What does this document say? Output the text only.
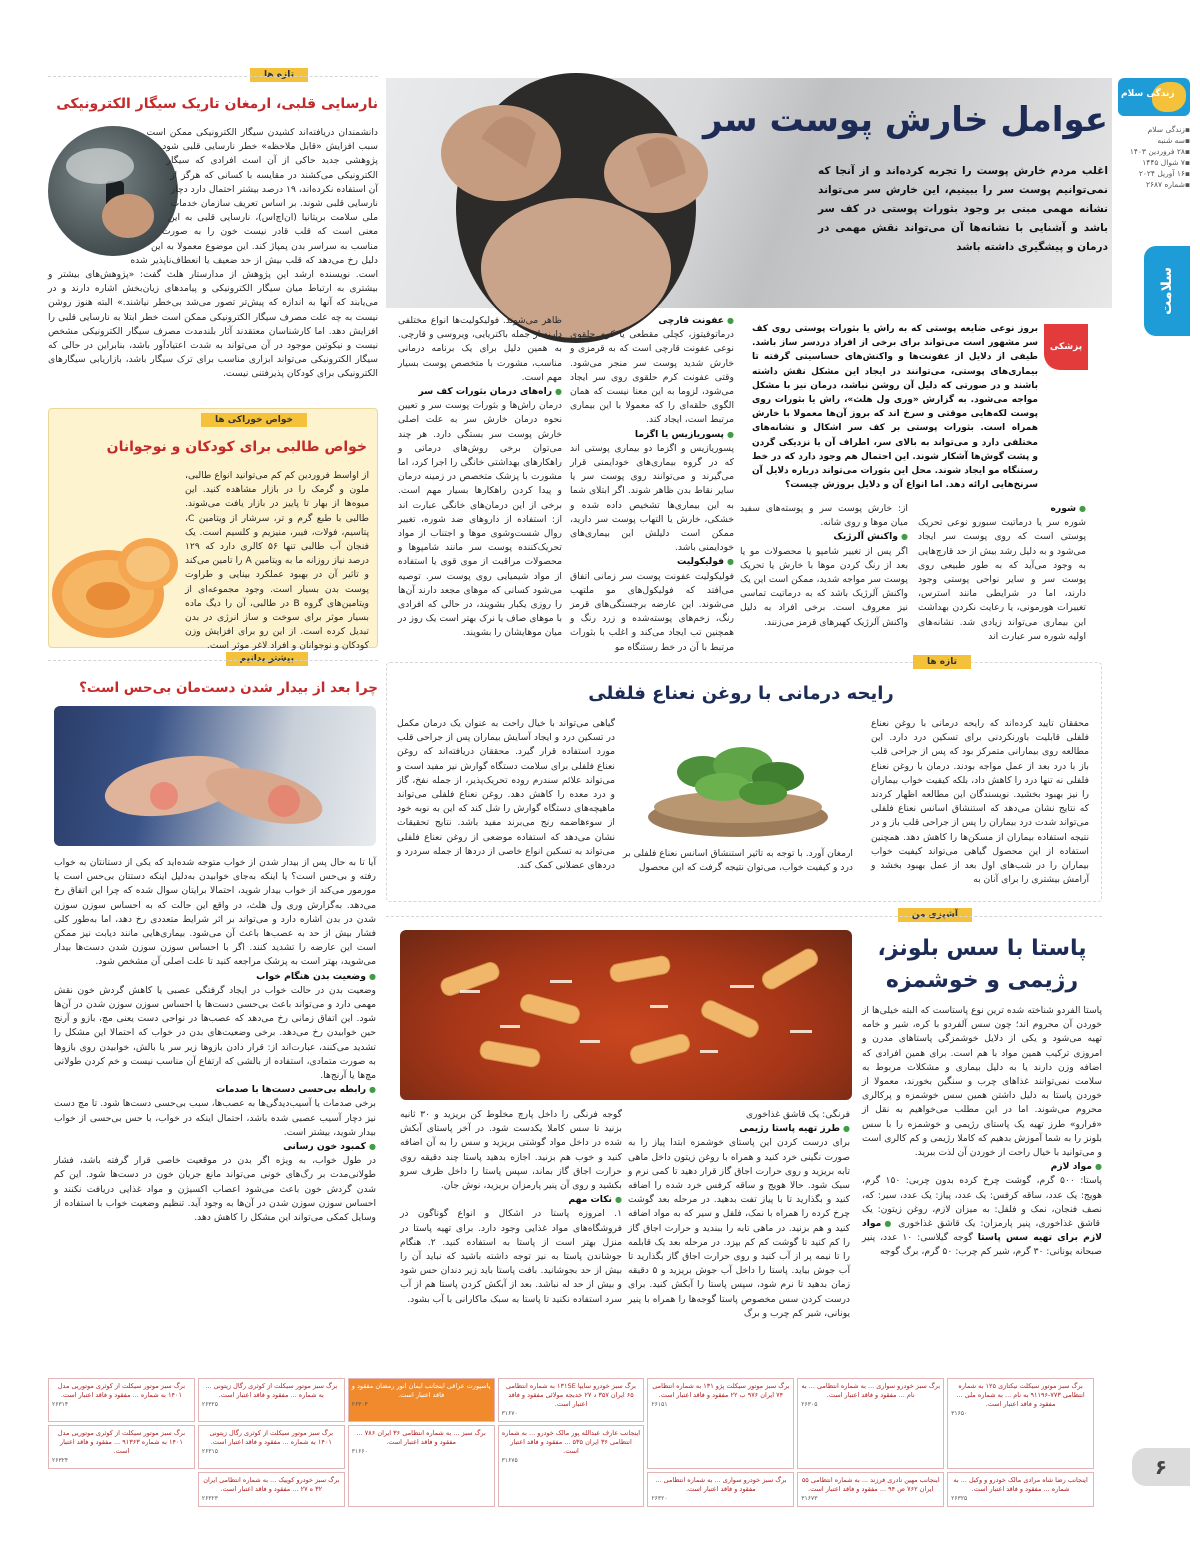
زندگی سلام
▪زندگی سلام
▪سه شنبه
▪۲۸ فروردین ۱۴۰۳
▪۷ شوال ۱۴۴۵
▪۱۶ آوریل ۲۰۲۴
▪شماره ۲۶۸۷
سلامت
۶
عوامل خارش پوست سر
اغلب مردم خارش پوست را تجربه کرده‌اند و از آنجا که نمی‌توانیم پوست سر را ببینیم، این خارش سر می‌تواند نشانه مهمی مبنی بر وجود بثورات پوستی در کف سر باشد و آشنایی با نشانه‌ها آن می‌تواند نقش مهمی در درمان و پیشگیری داشته باشد
پزشکی
بروز نوعی ضایعه پوستی که به راش یا بثورات پوستی روی کف سر مشهور است می‌تواند برای برخی از افراد دردسر ساز باشد. طیفی از دلایل از عفونت‌ها و واکنش‌های حساسیتی گرفته تا بیماری‌های پوستی، می‌توانند در ایجاد این مشکل نقش داشته باشند و در صورتی که دلیل آن روشن نباشد، درمان نیز با مشکل مواجه می‌شود. به گزارش «وری ول هلث»، راش یا بثورات روی پوست لکه‌هایی موقتی و سرخ اند که بروز آن‌ها معمولا با خارش همراه است. بثورات پوستی بر کف سر اشکال و نشانه‌های مختلفی دارد و می‌تواند به بالای سر، اطراف آن یا نزدیکی گردن و پشت گوش‌ها آشکار شوند. این احتمال هم وجود دارد که در خط رستنگاه مو ایجاد شوند. محل این بثورات می‌تواند درباره دلایل آن سرنخ‌هایی ارائه دهد. اما انواع آن و دلایل بروزش چیست؟
● شوره
شوره سر یا درماتیت سبورو نوعی تحریک پوستی است که روی پوست سر ایجاد می‌شود و به دلیل رشد بیش از حد قارچ‌هایی به وجود می‌آید که به طور طبیعی روی پوست سر و سایر نواحی پوستی وجود دارند، اما در شرایطی مانند استرس، تغییرات هورمونی، یا رعایت نکردن بهداشت این بیماری می‌تواند زیادی شد. نشانه‌های اولیه شوره سر عبارت اند
از: خارش پوست سر و پوسته‌های سفید میان موها و روی شانه.
● واکنش آلرژیک
اگر پس از تغییر شامپو یا محصولات مو یا بعد از رنگ کردن موها با خارش یا تحریک پوست سر مواجه شدید، ممکن است این یک واکنش آلرژیک باشد که به درماتیت تماسی نیز معروف است. برخی افراد به دلیل واکنش آلرژیک کهیرهای قرمز می‌زنند.
● عفونت قارچی
درماتوفیتوز، کچلی مقطعی یا کرم حلقوی نوعی عفونت قارچی است که به قرمزی و خارش شدید پوست سر منجر می‌شود. وقتی عفونت کرم حلقوی روی سر ایجاد می‌شود، لزوما به این معنا نیست که همان الگوی حلقه‌ای را که معمولا با این بیماری مرتبط است، ایجاد کند.
● پسوریازیس یا اگزما
پسوریازیس و اگزما دو بیماری پوستی اند که در گروه بیماری‌های خودایمنی قرار می‌گیرند و می‌توانند روی پوست سر یا سایر نقاط بدن ظاهر شوند. اگر ابتلای شما به این بیماری‌ها تشخیص داده شده و خشکی، خارش یا التهاب پوست سر دارید، ممکن است دلیلش این بیماری‌های خودایمنی باشد.
● فولیکولیت
فولیکولیت عفونت پوست سر زمانی اتفاق می‌افتد که فولیکول‌های مو ملتهب می‌شوند. این عارضه برجستگی‌های قرمز رنگ، زخم‌های پوسته‌شده و زرد رنگ و همچنین تب ایجاد می‌کند و اغلب با بثورات مرتبط با آن در خط رستنگاه مو
ظاهر می‌شوند. فولیکولیت‌ها انواع مختلفی دارند از جمله باکتریایی، ویروسی و قارچی. به همین دلیل برای یک برنامه درمانی مناسب، مشورت با متخصص پوست بسیار مهم است.
● راه‌های درمان بثورات کف سر
درمان راش‌ها و بثورات پوست سر و تعیین نحوه درمان خارش سر به علت اصلی خارش پوست سر بستگی دارد. هر چند می‌توان برخی روش‌های درمانی و راهکارهای بهداشتی خانگی را اجرا کرد، اما مشورت با پزشک متخصص در زمینه درمان و پیدا کردن راهکارها بسیار مهم است. برخی از این درمان‌های خانگی عبارت اند از: استفاده از داروهای ضد شوره، تغییر روال شست‌وشوی موها و اجتناب از مواد تحریک‌کننده پوست سر مانند شامپوها و محصولات مراقبت از موی قوی یا استفاده از مواد شیمیایی روی پوست سر. توصیه می‌شود کسانی که موهای مجعد دارند آن‌ها را روزی یکبار بشویند، در حالی که افرادی با موهای صاف یا نرک بهتر است یک روز در میان موهایشان را بشویند.
تازه ها
نارسایی قلبی، ارمغان تاریک سیگار الکترونیکی
دانشمندان دریافته‌اند کشیدن سیگار الکترونیکی ممکن است سبب افزایش «قابل ملاحظه» خطر نارسایی قلبی شود. پژوهشی جدید حاکی از آن است افرادی که سیگار الکترونیکی می‌کشند در مقایسه با کسانی که هرگز از آن استفاده نکرده‌اند، ۱۹ درصد بیشتر احتمال دارد دچار نارسایی قلبی شوند. بر اساس تعریف سازمان خدمات ملی سلامت بریتانیا (ان‌اچ‌اس)، نارسایی قلبی به این معنی است که قلب قادر نیست خون را به صورت مناسب به سراسر بدن پمپاژ کند. این موضوع معمولا به این دلیل رخ می‌دهد که قلب بیش از حد ضعیف یا انعطاف‌ناپذیر شده است. نویسنده ارشد این پژوهش از مدارستار هلث گفت: «پژوهش‌های بیشتر و بیشتری به ارتباط میان سیگار الکترونیکی و پیامدهای زیان‌بخش اشاره دارند و در می‌یابند که آنها به اندازه که پیش‌تر تصور می‌شد بی‌خطر نیاشند.» البته هنوز روشن نیست به چه علت مصرف سیگار الکترونیکی ممکن است خطر ابتلا به نارسایی قلبی را افزایش دهد. اما کارشناسان معتقدند آثار بلندمدت مصرف سیگار الکترونیکی مشخص نیست و نیکوتین موجود در آن می‌تواند به شدت اعتیادآور باشد، بنابراین در حالی که سیگار الکترونیکی می‌تواند ابزاری مناسب برای ترک سیگار باشد، بازاریابی سیگارهای الکترونیکی برای کودکان پذیرفتنی نیست.
خواص خوراکی ها
خواص طالبی برای کودکان و نوجوانان
از اواسط فروردین کم کم می‌توانید انواع طالبی، ملون و گرمک را در بازار مشاهده کنید. این میوه‌ها از بهار تا پاییز در بازار یافت می‌شوند. طالبی با طبع گرم و تر، سرشار از ویتامین C، پتاسیم، فولات، فیبر، منیزیم و کلسیم است. یک فنجان آب طالبی تنها ۵۶ کالری دارد که ۱۲۹ درصد نیاز روزانه ما به ویتامین A را تامین می‌کند و تاثیر آن در بهبود عملکرد بینایی و طراوت پوست بدن بسیار است. وجود مجموعه‌ای از ویتامین‌های گروه B در طالبی، آن را دیگ ماده بسیار موثر برای سوخت و ساز انرژی در بدن تبدیل کرده است. از این رو برای افزایش وزن کودکان و نوجوانان و افراد لاغر موثر است.
بیشتر بدانیم
چرا بعد از بیدار شدن دست‌مان بی‌حس است؟
آیا تا به حال پس از بیدار شدن از خواب متوجه شده‌اید که یکی از دستانتان به خواب رفته و بی‌حس است؟ یا اینکه به‌جای خوابیدن به‌دلیل اینکه دستتان بی‌حس است یا مورمور می‌کند از خواب بیدار شوید، احتمالا برایتان سوال شده که چرا این اتفاق رخ می‌دهد. به‌گزارش وری ول هلث، در واقع این حالت که به احساس سوزن سوزن شدن در بدن اشاره دارد و می‌تواند بر اثر شرایط متعددی رخ دهد، اما به‌طور کلی فشار بیش از حد به عصب‌ها باعث آن می‌شود. بیماری‌هایی مانند دیابت نیز ممکن است این عارضه را تشدید کنند. اگر با احساس سوزن سوزن شدن دست‌ها بیدار می‌شوید، بهتر است به پزشک مراجعه کنید تا علت اصلی آن مشخص شود.
● وضعیت بدن هنگام خواب
وضعیت بدن در حالت خواب در ایجاد گرفتگی عصبی یا کاهش گردش خون نقش مهمی دارد و می‌تواند باعث بی‌حسی دست‌ها یا احساس سوزن سوزن شدن در آن‌ها شود. این اتفاق زمانی رخ می‌دهد که عصب‌ها در نواحی دست یعنی مچ، بازو و آرنج حین خوابیدن رخ می‌دهد. برخی وضعیت‌های بدن در خواب که احتمالا این مشکل را تشدید می‌کنند، عبارت‌اند از: قرار دادن بازوها زیر سر یا بالش، خوابیدن روی بازوها به صورت متمادی، استفاده از بالشی که ارتفاع آن مناسب نیست و خم کردن طولانی مچ‌ها یا آرنج‌ها.
● رابطه بی‌حسی دست‌ها با صدمات
برخی صدمات یا آسیب‌دیدگی‌ها به عصب‌ها، سبب بی‌حسی دست‌ها شود. تا مچ دست نیز دچار آسیب عصبی شده باشد، احتمال اینکه در خواب، با حس بی‌حسی از خواب بیدار شوید، بیشتر است.
● کمبود خون رسانی
در طول خواب، به ویژه اگر بدن در موقعیت خاصی قرار گرفته باشد، فشار طولانی‌مدت بر رگ‌های خونی می‌تواند مانع جریان خون در دست‌ها شود. این کم شدن گردش خون باعث می‌شود اعصاب اکسیژن و مواد غذایی دریافت نکنند و احساس سوزن سوزن شدن در آن‌ها به وجود آید. تنظیم وضعیت خواب با استفاده از وسایل کمکی می‌تواند این مشکل را کاهش دهد.
تازه ها
رایحه درمانی با روغن نعناع فلفلی
محققان تایید کرده‌اند که رایحه درمانی با روغن نعناع فلفلی قابلیت باورنکردنی برای تسکین درد دارد. این مطالعه روی بیمارانی متمرکز بود که پس از جراحی قلب باز با درد بعد از عمل مواجه بودند. درمان با روغن نعناع فلفلی نه تنها درد را کاهش داد، بلکه کیفیت خواب بیماران را نیز بهبود بخشید. نویسندگان این مطالعه اظهار کردند که نتایج نشان می‌دهد که استنشاق اسانس نعناع فلفلی می‌تواند شدت درد بیماران را پس از جراحی قلب باز و در نتیجه استفاده بیماران از مسکن‌ها را کاهش دهد. همچنین استفاده از این محصول گیاهی می‌تواند کیفیت خواب بیماران را در شب‌های اول بعد از عمل بهبود بخشد و آرامش بیشتری را برای آنان به
ارمغان آورد. با توجه به تاثیر استنشاق اسانس نعناع فلفلی بر درد و کیفیت خواب، می‌توان نتیجه گرفت که این محصول
گیاهی می‌تواند با خیال راحت به عنوان یک درمان مکمل در تسکین درد و ایجاد آسایش بیماران پس از جراحی قلب مورد استفاده قرار گیرد. محققان دریافته‌اند که روغن نعناع فلفلی برای سلامت دستگاه گوارش نیز مفید است و می‌تواند علائم سندرم روده تحریک‌پذیر، از جمله نفخ، گاز و درد معده را کاهش دهد. روغن نعناع فلفلی می‌تواند ماهیچه‌های دستگاه گوارش را شل کند که این به نوبه خود از سوءهاضمه رنج می‌برند مفید باشد. نتایج تحقیقات نشان می‌دهد که استفاده موضعی از روغن نعناع فلفلی می‌تواند به تسکین انواع خاصی از دردها از جمله سردرد و دردهای عضلانی کمک کند.
آشپزی من
پاستا با سس بلونز،
رژیمی و خوشمزه
پاستا الفردو شناخته شده ترین نوع پاستاست که البته خیلی‌ها از خوردن آن محروم اند؛ چون سس آلفردو با کره، شیر و خامه تهیه می‌شود و یکی از دلایل خوشمزگی پاستاهای مدرن و امروزی ترکیب همین مواد با هم است. برای همین افرادی که اضافه وزن دارند یا به دلیل بیماری و مشکلات مربوط به سلامت نمی‌توانند غذاهای چرب و سنگین بخورند، معمولا از خوردن پاستا به دلیل داشتن همین سس خوشمزه و پرکالری محروم می‌شوند. اما در این مطلب می‌خواهیم به نقل از «فرارو» طرز تهیه یک پاستای رژیمی و خوشمزه را با سس بلونز را به شما آموزش بدهیم که کاملا رژیمی و کم کالری است و می‌توانید با خیال راحت از خوردن آن لذت ببرید.
● مواد لازم
پاستا: ۵۰۰ گرم، گوشت چرخ کرده بدون چربی: ۱۵۰ گرم، هویج: یک عدد، ساقه کرفس: یک عدد، پیاز: یک عدد، سیر: که، نصف فنجان، نمک و فلفل: به میزان لازم، روغن زیتون: یک قاشق غذاخوری، پنیر پارمزان: یک قاشق غذاخوری ● مواد لازم برای تهیه سس پاستا گوجه گیلاسی: ۱۰ عدد، پنیر صبحانه یونانی: ۳۰ گرم، شیر کم چرب: ۵۰ گرم، برگ گوجه
فرنگی: یک قاشق غذاخوری
● طرز تهیه پاستا رژیمی
برای درست کردن این پاستای خوشمزه ابتدا پیاز را به صورت نگینی خرد کنید و همراه با روغن زیتون داخل ماهی تابه بریزید و روی حرارت اجاق گاز قرار دهید تا کمی نرم و سبک شود. حالا هویج و ساقه کرفس خرد شده را اضافه کنید و بگذارید تا با پیاز تفت بدهید. در مرحله بعد گوشت چرخ کرده را همراه با نمک، فلفل و سیر که به مواد اضافه کنید و هم بزنید. در ماهی تابه را ببندید و حرارت اجاق گاز را کم کنید تا گوشت کم کم بپزد. در مرحله بعد یک قابلمه را تا نیمه پر از آب کنید و روی حرارت اجاق گاز بگذارید تا آب جوش بیاید. پاستا را داخل آب جوش بریزید و ۵ دقیقه زمان بدهید تا نرم شود، سپس پاستا را آبکش کنید. برای درست کردن سس مخصوص پاستا گوجه‌ها را همراه با پنیر یونانی، شیر کم چرب و برگ
گوجه فرنگی را داخل پارچ مخلوط کن بریزید و ۳۰ ثانیه بزنید تا سس کاملا یکدست شود. در آخر پاستای آبکش شده در داخل مواد گوشتی بریزید و سس را به آن اضافه کنید و خوب هم بزنید. اجازه بدهید پاستا چند دقیقه روی حرارت اجاق گاز بماند، سپس پاستا را داخل ظرف سرو بکشید و روی آن پنیر پارمزان بریزید، نوش جان.
● نکات مهم
۱. امروزه پاستا در اشکال و انواع گوناگون در فروشگاه‌های مواد غذایی وجود دارد. برای تهیه پاستا در منزل بهتر است از پاستا به استفاده کنید. ۲. هنگام جوشاندن پاستا به نیز توجه داشته باشید که نباید آن را بیش از حد بجوشانید. بافت پاستا باید زیر دندان حس شود و بیش از حد له نباشد. بعد از آبکش کردن پاستا هم از آب سرد استفاده نکنید تا پاستا به سبک ماکارانی با آب بشود.
برگ سبز موتور سیکلت نیکتازی ۱۲۵ به شماره انتظامی ۷۷۳-۹۱۱۹۶ به نام ... به شماره ملی ... مفقود و فاقد اعتبار است.
۳۱۶۵۰
برگ سبز خودرو سواری ... به شماره انتظامی ... به نام ... مفقود و فاقد اعتبار است.
۲۶۳۰۵
برگ سبز موتور سیکلت پژو ۱۳۱ به شماره انتظامی ۷۴ ایران ۹۷۶ ب ۲۲ مفقود و فاقد اعتبار است.
۲۶۱۵۱
برگ سبز خودرو سایپا ۱۳۱SE به شماره انتظامی ۶۵ ایران ۳۵۷ د ۲۷ خدیجه مولائی مفقود و فاقد اعتبار است.
۳۱۶۷۰
پاسپورت عراقی اینجانب ایمان انور رمضان مفقود و فاقد اعتبار است.
۲۶۳۰۴
برگ سبز موتور سیکلت از کوثری رگال زیتونی ... به شماره ... مفقود و فاقد اعتبار است.
۲۶۳۲۵
برگ سبز موتور سیکلت از کوثری موتوریی مدل ۱۴۰۱ به شماره ... مفقود و فاقد اعتبار است.
۲۶۳۱۴
اینجانب عارف عبدالله پور مالک خودرو ... به شماره انتظامی ۳۶ ایران ۵۳۵ ... مفقود و فاقد اعتبار است.
۳۱۶۷۵
برگ سبز ... به شماره انتظامی ۳۶ ایران ۷۸۶ ... مفقود و فاقد اعتبار است.
۳۱۶۶۰
برگ سبز موتور سیکلت از کوثری رگال زیتونی ۱۴۰۱ به شماره ... مفقود و فاقد اعتبار است.
۲۶۳۱۵
برگ سبز موتور سیکلت از کوثری موتوریی مدل ۱۴۰۱ به شماره ۹۱۳۶۳ ... مفقود و فاقد اعتبار است.
۲۶۳۲۴
اینجانب رضا شاه مرادی مالک خودرو و وکیل ... به شماره ... مفقود و فاقد اعتبار است.
۲۶۳۲۵
اینجانب مهین نادری فرزند ... به شماره انتظامی ۵۵ ایران ۷۶۲ ص ۹۴ ... مفقود و فاقد اعتبار است.
۳۱۶۷۳
برگ سبز خودرو سواری ... به شماره انتظامی ... مفقود و فاقد اعتبار است.
۲۶۳۲۰
برگ سبز خودرو کوییک ... به شماره انتظامی ایران ۳۲ ه ۲۷ ... مفقود و فاقد اعتبار است.
۲۶۳۲۳
